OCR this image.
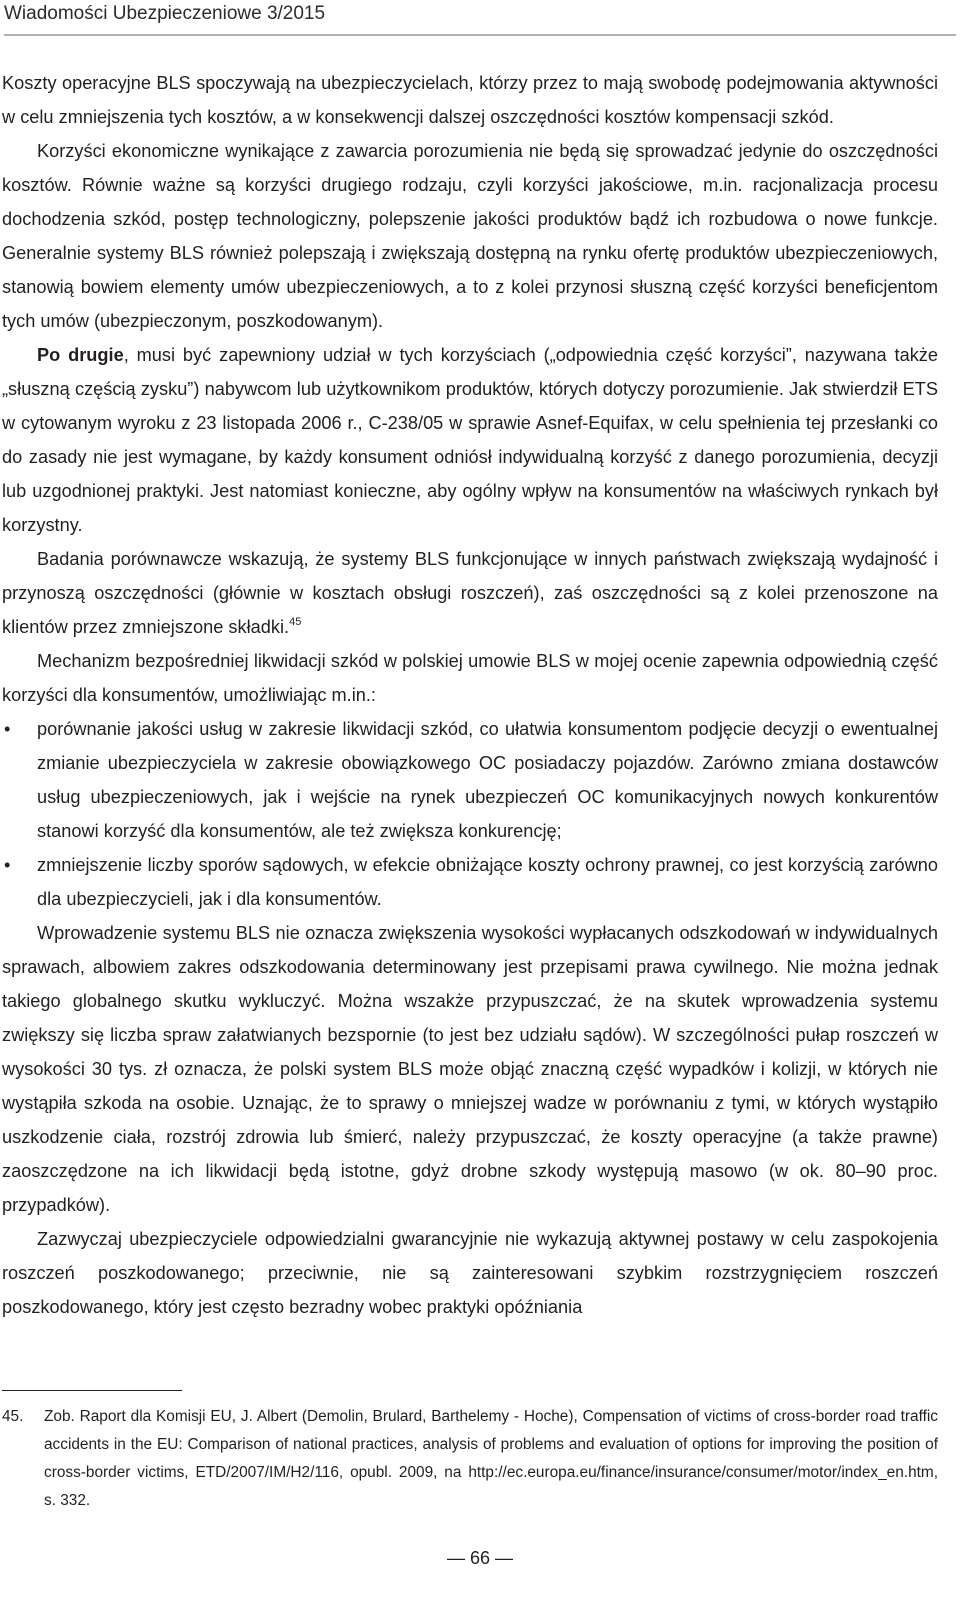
Wiadomości Ubezpieczeniowe 3/2015

Koszty operacyjne BLS spoczywają na ubezpieczycielach, którzy przez to mają swobodę podejmowania aktywności w celu zmniejszenia tych kosztów, a w konsekwencji dalszej oszczędności kosztów kompensacji szkód.

Korzyści ekonomiczne wynikające z zawarcia porozumienia nie będą się sprowadzać jedynie do oszczędności kosztów. Równie ważne są korzyści drugiego rodzaju, czyli korzyści jakościowe, m.in. racjonalizacja procesu dochodzenia szkód, postęp technologiczny, polepszenie jakości produktów bądź ich rozbudowa o nowe funkcje. Generalnie systemy BLS również polepszają i zwiększają dostępną na rynku ofertę produktów ubezpieczeniowych, stanowią bowiem elementy umów ubezpieczeniowych, a to z kolei przynosi słuszną część korzyści beneficjentom tych umów (ubezpieczonym, poszkodowanym).

Po drugie, musi być zapewniony udział w tych korzyściach („odpowiednia część korzyści”, nazywana także „słuszną częścią zysku”) nabywcom lub użytkownikom produktów, których dotyczy porozumienie. Jak stwierdził ETS w cytowanym wyroku z 23 listopada 2006 r., C-238/05 w sprawie Asnef-Equifax, w celu spełnienia tej przesłanki co do zasady nie jest wymagane, by każdy konsument odniósł indywidualną korzyść z danego porozumienia, decyzji lub uzgodnionej praktyki. Jest natomiast konieczne, aby ogólny wpływ na konsumentów na właściwych rynkach był korzystny.

Badania porównawcze wskazują, że systemy BLS funkcjonujące w innych państwach zwiększają wydajność i przynoszą oszczędności (głównie w kosztach obsługi roszczeń), zaś oszczędności są z kolei przenoszone na klientów przez zmniejszone składki.$^{45}$

Mechanizm bezpośredniej likwidacji szkód w polskiej umowie BLS w mojej ocenie zapewnia odpowiednią część korzyści dla konsumentów, umożliwiając m.in.:

• porównanie jakości usług w zakresie likwidacji szkód, co ułatwia konsumentom podjęcie decyzji o ewentualnej zmianie ubezpieczyciela w zakresie obowiązkowego OC posiadaczy pojazdów. Zarówno zmiana dostawców usług ubezpieczeniowych, jak i wejście na rynek ubezpieczeń OC komunikacyjnych nowych konkurentów stanowi korzyść dla konsumentów, ale też zwiększa konkurencję;
• zmniejszenie liczby sporów sądowych, w efekcie obniżające koszty ochrony prawnej, co jest korzyścią zarówno dla ubezpieczycieli, jak i dla konsumentów.

Wprowadzenie systemu BLS nie oznacza zwiększenia wysokości wypłacanych odszkodowań w indywidualnych sprawach, albowiem zakres odszkodowania determinowany jest przepisami prawa cywilnego. Nie można jednak takiego globalnego skutku wykluczyć. Można wszakże przypuszczać, że na skutek wprowadzenia systemu zwiększy się liczba spraw załatwianych bezspornie (to jest bez udziału sądów). W szczególności pułap roszczeń w wysokości 30 tys. zł oznacza, że polski system BLS może objąć znaczną część wypadków i kolizji, w których nie wystąpiła szkoda na osobie. Uznając, że to sprawy o mniejszej wadze w porównaniu z tymi, w których wystąpiło uszkodzenie ciała, rozstrój zdrowia lub śmierć, należy przypuszczać, że koszty operacyjne (a także prawne) zaoszczędzone na ich likwidacji będą istotne, gdyż drobne szkody występują masowo (w ok. 80–90 proc. przypadków).

Zazwyczaj ubezpieczyciele odpowiedzialni gwarancyjnie nie wykazują aktywnej postawy w celu zaspokojenia roszczeń poszkodowanego; przeciwnie, nie są zainteresowani szybkim rozstrzygnięciem roszczeń poszkodowanego, który jest często bezradny wobec praktyki opóźniania

45. Zob. Raport dla Komisji EU, J. Albert (Demolin, Brulard, Barthelemy - Hoche), Compensation of victims of cross-border road traffic accidents in the EU: Comparison of national practices, analysis of problems and evaluation of options for improving the position of cross-border victims, ETD/2007/IM/H2/116, opubl. 2009, na http://ec.europa.eu/finance/insurance/consumer/motor/index_en.htm, s. 332.
— 66 —
